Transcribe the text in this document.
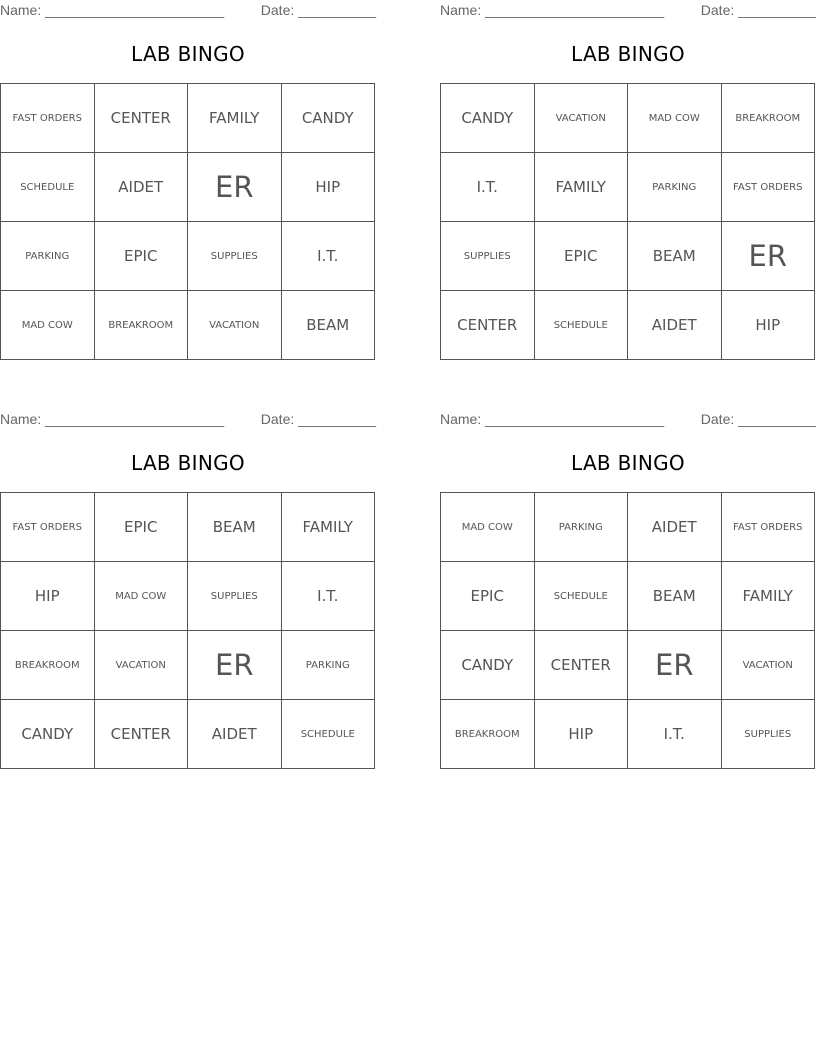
Name: _______________________	Date: __________
LAB BINGO
FAST ORDERS	CENTER	FAMILY	CANDY
SCHEDULE	AIDET	ER	HIP
PARKING	EPIC	SUPPLIES	I.T.
MAD COW	BREAKROOM	VACATION	BEAM
Name: _______________________	Date: __________
LAB BINGO
CANDY	VACATION	MAD COW	BREAKROOM
I.T.	FAMILY	PARKING	FAST ORDERS
SUPPLIES	EPIC	BEAM	ER
CENTER	SCHEDULE	AIDET	HIP
Name: _______________________	Date: __________
LAB BINGO
FAST ORDERS	EPIC	BEAM	FAMILY
HIP	MAD COW	SUPPLIES	I.T.
BREAKROOM	VACATION	ER	PARKING
CANDY	CENTER	AIDET	SCHEDULE
Name: _______________________	Date: __________
LAB BINGO
MAD COW	PARKING	AIDET	FAST ORDERS
EPIC	SCHEDULE	BEAM	FAMILY
CANDY	CENTER	ER	VACATION
BREAKROOM	HIP	I.T.	SUPPLIES
